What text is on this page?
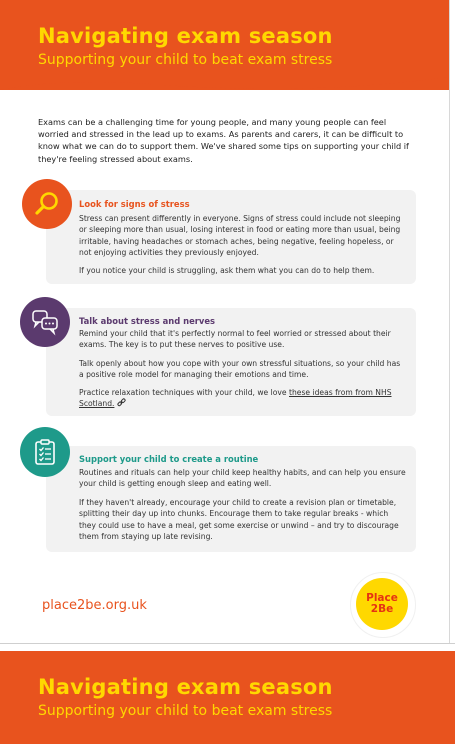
Navigating exam season

Supporting your child to beat exam stress

Exams can be a challenging time for young people, and many young people can feel worried and stressed in the lead up to exams. As parents and carers, it can be difficult to know what we can do to support them. We've shared some tips on supporting your child if they're feeling stressed about exams.

Look for signs of stress

Stress can present differently in everyone. Signs of stress could include not sleeping or sleeping more than usual, losing interest in food or eating more than usual, being irritable, having headaches or stomach aches, being negative, feeling hopeless, or not enjoying activities they previously enjoyed.

If you notice your child is struggling, ask them what you can do to help them.

Talk about stress and nerves

Remind your child that it's perfectly normal to feel worried or stressed about their exams. The key is to put these nerves to positive use.

Talk openly about how you cope with your own stressful situations, so your child has a positive role model for managing their emotions and time.

Practice relaxation techniques with your child, we love these ideas from from NHS Scotland.

Support your child to create a routine

Routines and rituals can help your child keep healthy habits, and can help you ensure your child is getting enough sleep and eating well.

If they haven't already, encourage your child to create a revision plan or timetable, splitting their day up into chunks. Encourage them to take regular breaks - which they could use to have a meal, get some exercise or unwind – and try to discourage them from staying up late revising.

place2be.org.uk	Place
2Be
Navigating exam season

Supporting your child to beat exam stress
